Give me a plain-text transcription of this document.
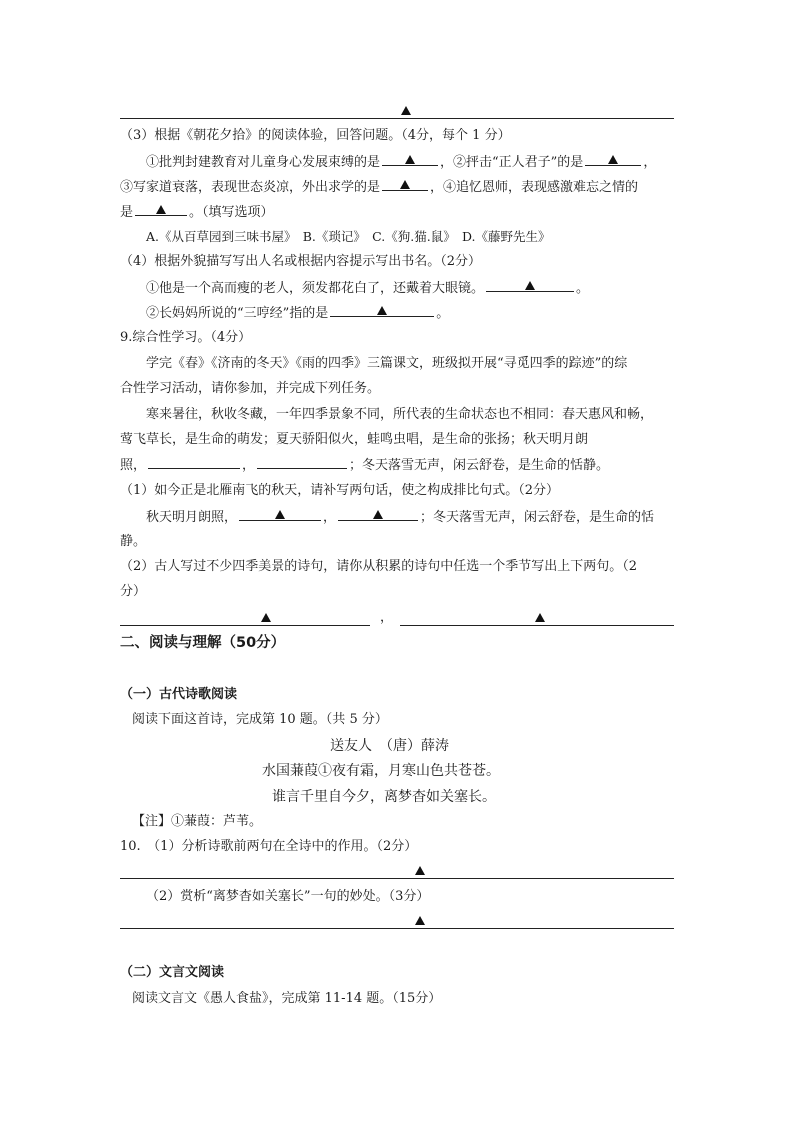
（3）根据《朝花夕拾》的阅读体验，回答问题。（4分，每个 1 分）
①批判封建教育对儿童身心发展束缚的是	，②抨击“正人君子”的是	，
③写家道衰落，表现世态炎凉，外出求学的是	，④追忆恩师，表现感激难忘之情的
是	。（填写选项）
A.《从百草园到三味书屋》　B.《琐记》　C.《狗.猫.鼠》　D.《藤野先生》
（4）根据外貌描写写出人名或根据内容提示写出书名。（2分）
①他是一个高而瘦的老人，须发都花白了，还戴着大眼镜。	。
②长妈妈所说的“三哼经”指的是	。
9.综合性学习。（4分）
学完《春》《济南的冬天》《雨的四季》三篇课文，班级拟开展“寻觅四季的踪迹”的综
合性学习活动，请你参加，并完成下列任务。
寒来暑往，秋收冬藏，一年四季景象不同，所代表的生命状态也不相同：春天惠风和畅，
莺飞草长，是生命的萌发；夏天骄阳似火，蛙鸣虫唱，是生命的张扬；秋天明月朗
照，	，	；冬天落雪无声，闲云舒卷，是生命的恬静。
（1）如今正是北雁南飞的秋天，请补写两句话，使之构成排比句式。（2分）
秋天明月朗照，	，	；冬天落雪无声，闲云舒卷，是生命的恬
静。
（2）古人写过不少四季美景的诗句，请你从积累的诗句中任选一个季节写出上下两句。（2
分）
，
二、阅读与理解（50分）
（一）古代诗歌阅读
阅读下面这首诗，完成第 10 题。（共 5 分）
送友人　（唐）薛涛
水国蒹葭①夜有霜，月寒山色共苍苍。
谁言千里自今夕，离梦杳如关塞长。
【注】①蒹葭：芦苇。
10.　（1）分析诗歌前两句在全诗中的作用。（2分）
（2）赏析“离梦杳如关塞长”一句的妙处。（3分）
（二）文言文阅读
阅读文言文《愚人食盐》，完成第 11-14 题。（15分）
